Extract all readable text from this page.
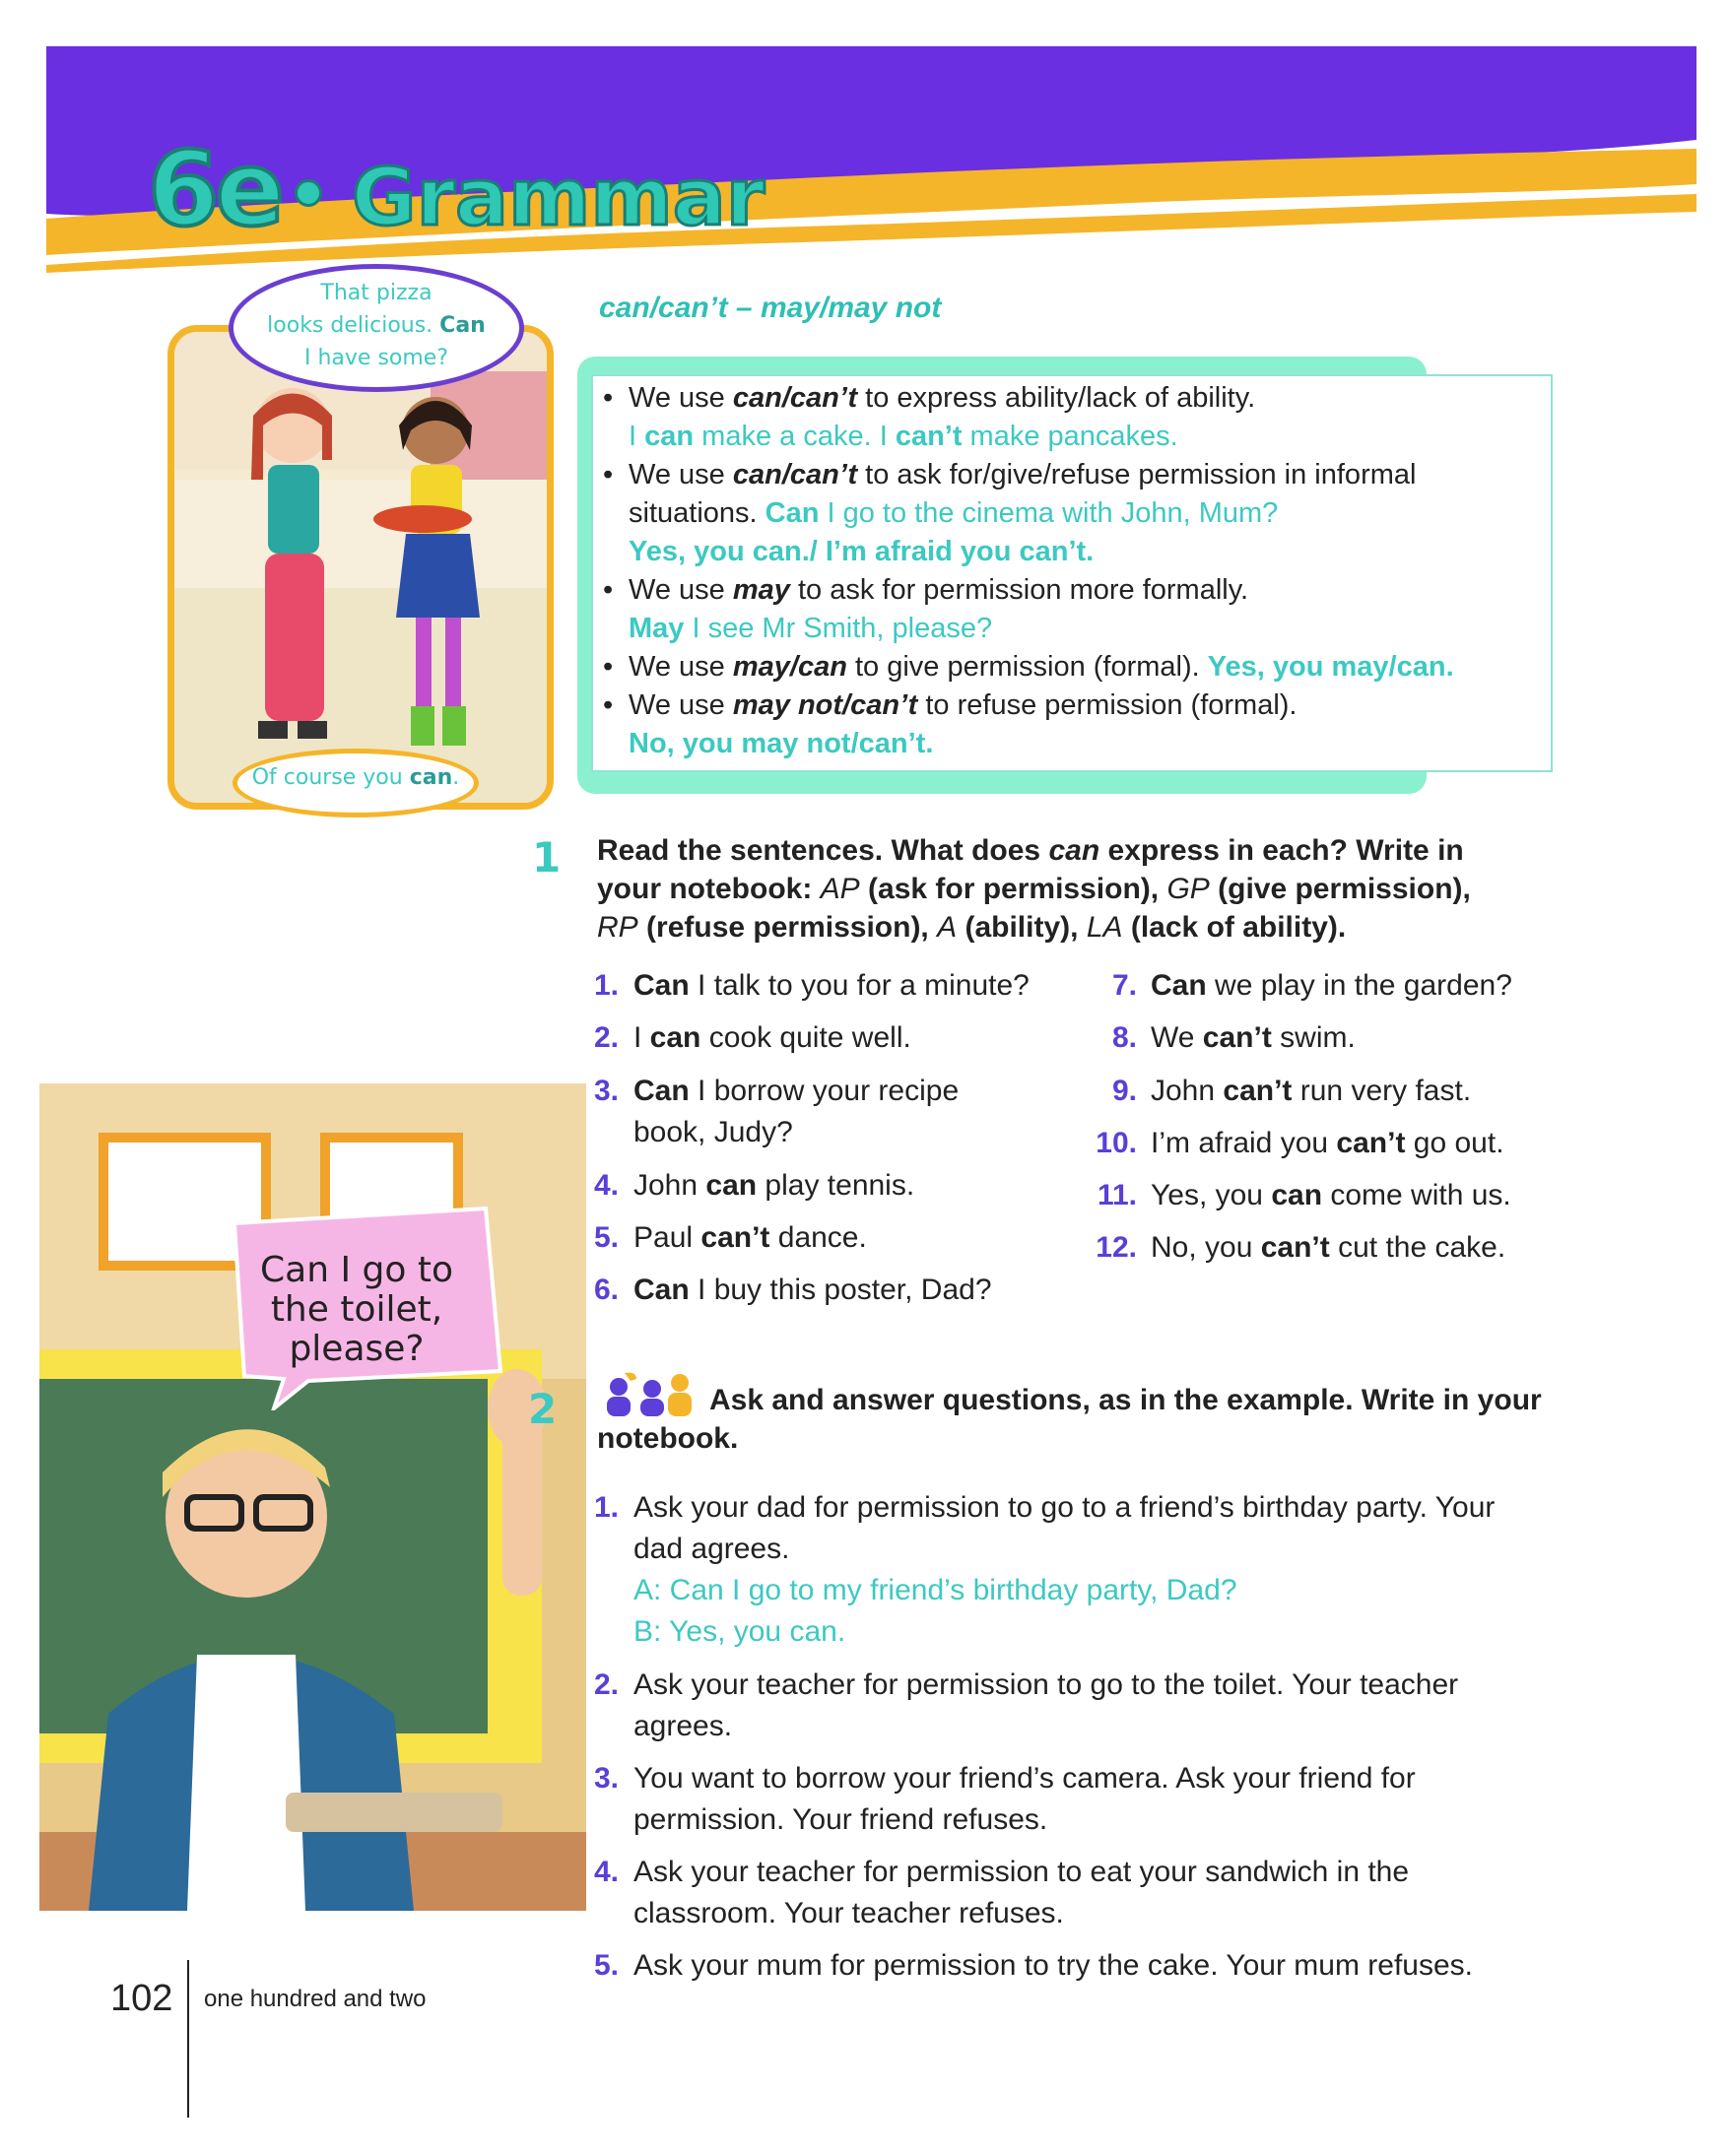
6e Grammar
That pizza
looks delicious. Can
I have some?
Of course you can.
can/can’t – may/may not
• We use can/can’t to express ability/lack of ability.
I can make a cake. I can’t make pancakes.
• We use can/can’t to ask for/give/refuse permission in informal
situations. Can I go to the cinema with John, Mum?
Yes, you can./ I’m afraid you can’t.
• We use may to ask for permission more formally.
May I see Mr Smith, please?
• We use may/can to give permission (formal). Yes, you may/can.
• We use may not/can’t to refuse permission (formal).
No, you may not/can’t.
1 Read the sentences. What does can express in each? Write in
your notebook: AP (ask for permission), GP (give permission),
RP (refuse permission), A (ability), LA (lack of ability).
1. Can I talk to you for a minute?
2. I can cook quite well.
3. Can I borrow your recipe
book, Judy?
4. John can play tennis.
5. Paul can’t dance.
6. Can I buy this poster, Dad?
7. Can we play in the garden?
8. We can’t swim.
9. John can’t run very fast.
10. I’m afraid you can’t go out.
11. Yes, you can come with us.
12. No, you can’t cut the cake.
Can I go to
the toilet,
please?
2	Ask and answer questions, as in the example. Write in your
notebook.
1. Ask your dad for permission to go to a friend’s birthday party. Your
dad agrees.
A: Can I go to my friend’s birthday party, Dad?
B: Yes, you can.
2. Ask your teacher for permission to go to the toilet. Your teacher
agrees.
3. You want to borrow your friend’s camera. Ask your friend for
permission. Your friend refuses.
4. Ask your teacher for permission to eat your sandwich in the
classroom. Your teacher refuses.
5. Ask your mum for permission to try the cake. Your mum refuses.
102 one hundred and two
